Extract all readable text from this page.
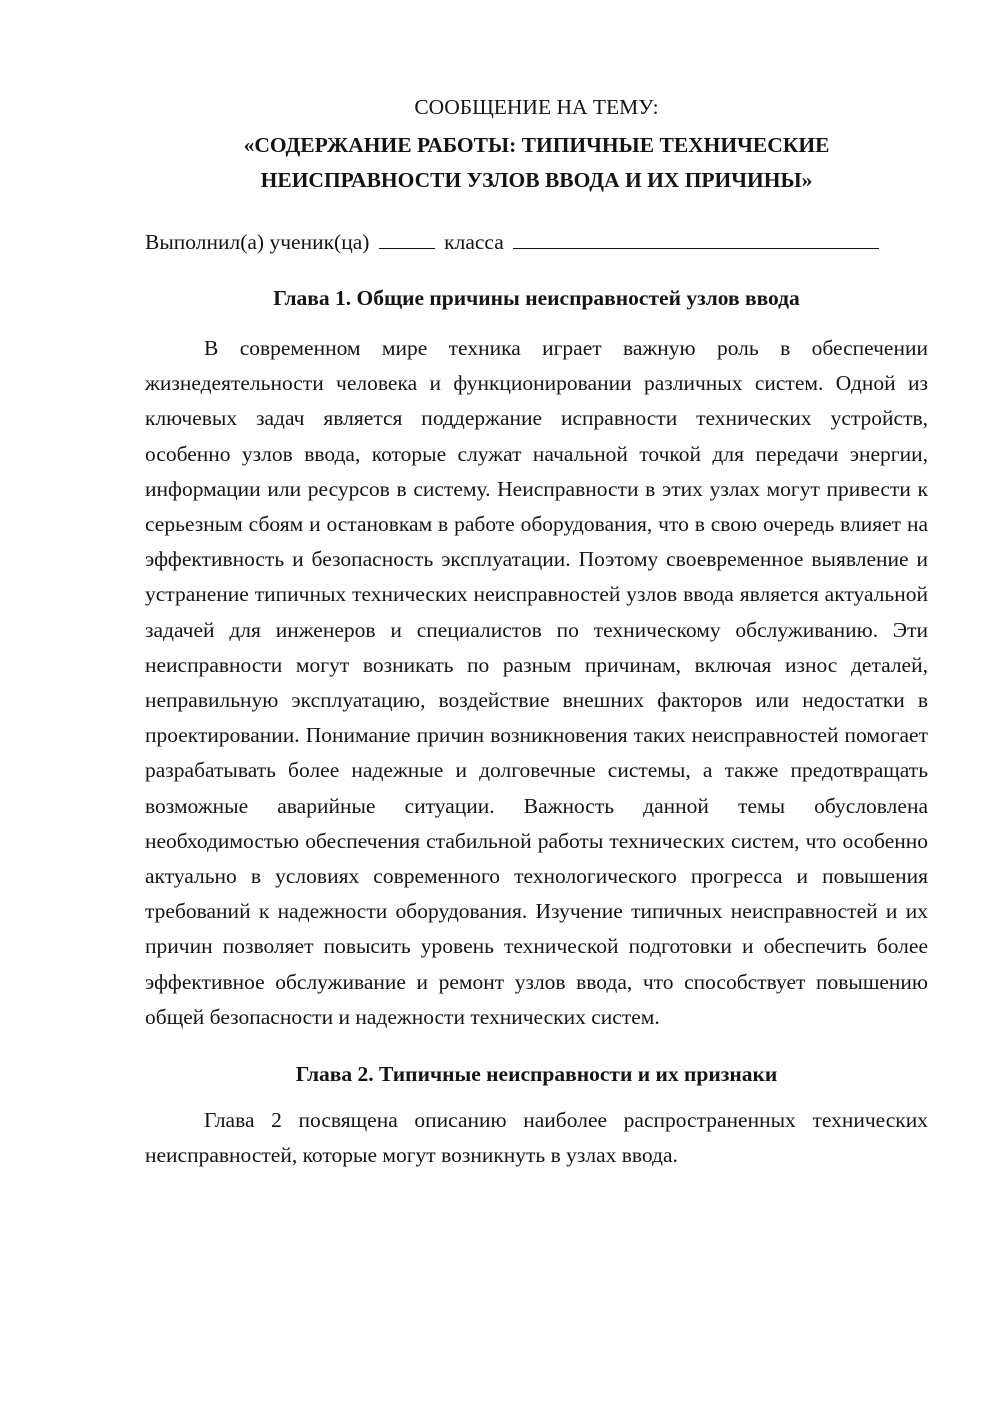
СООБЩЕНИЕ НА ТЕМУ:

«СОДЕРЖАНИЕ РАБОТЫ: ТИПИЧНЫЕ ТЕХНИЧЕСКИЕ НЕИСПРАВНОСТИ УЗЛОВ ВВОДА И ИХ ПРИЧИНЫ»

Выполнил(а) ученик(ца)	класса

Глава 1. Общие причины неисправностей узлов ввода

В современном мире техника играет важную роль в обеспечении жизнедеятельности человека и функционировании различных систем. Одной из ключевых задач является поддержание исправности технических устройств, особенно узлов ввода, которые служат начальной точкой для передачи энергии, информации или ресурсов в систему. Неисправности в этих узлах могут привести к серьезным сбоям и остановкам в работе оборудования, что в свою очередь влияет на эффективность и безопасность эксплуатации. Поэтому своевременное выявление и устранение типичных технических неисправностей узлов ввода является актуальной задачей для инженеров и специалистов по техническому обслуживанию. Эти неисправности могут возникать по разным причинам, включая износ деталей, неправильную эксплуатацию, воздействие внешних факторов или недостатки в проектировании. Понимание причин возникновения таких неисправностей помогает разрабатывать более надежные и долговечные системы, а также предотвращать возможные аварийные ситуации. Важность данной темы обусловлена необходимостью обеспечения стабильной работы технических систем, что особенно актуально в условиях современного технологического прогресса и повышения требований к надежности оборудования. Изучение типичных неисправностей и их причин позволяет повысить уровень технической подготовки и обеспечить более эффективное обслуживание и ремонт узлов ввода, что способствует повышению общей безопасности и надежности технических систем.

Глава 2. Типичные неисправности и их признаки

Глава 2 посвящена описанию наиболее распространенных технических неисправностей, которые могут возникнуть в узлах ввода.
